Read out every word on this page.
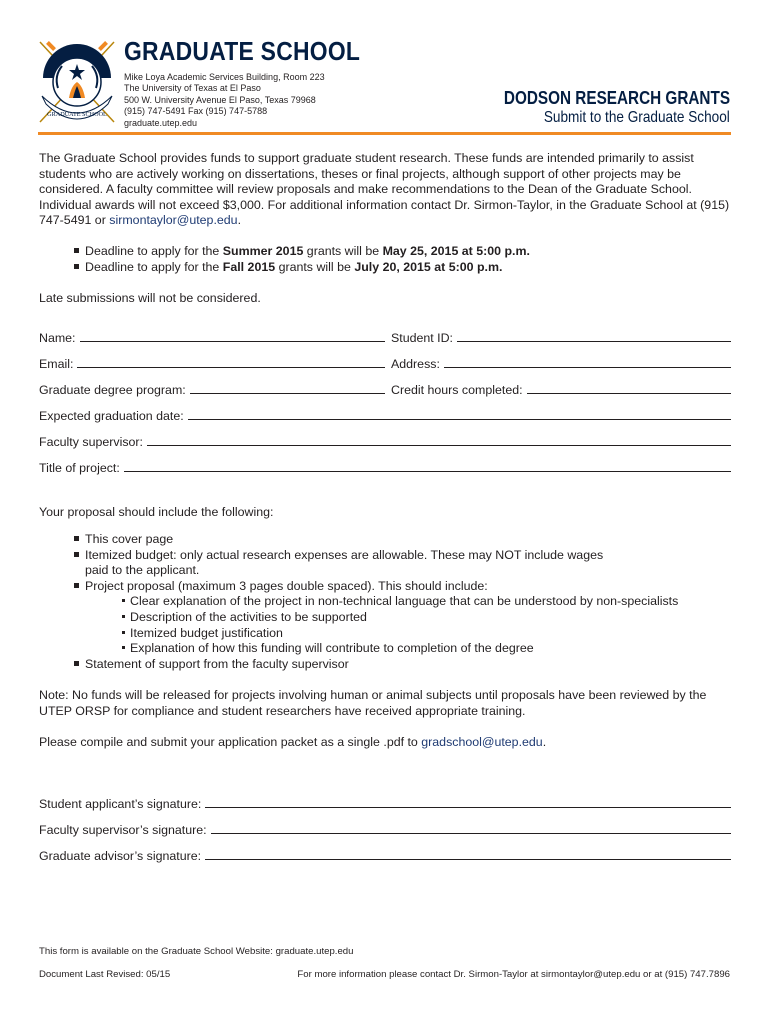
GRADUATE SCHOOL
GRADUATE SCHOOL
Mike Loya Academic Services Building, Room 223
The University of Texas at El Paso
500 W. University Avenue El Paso, Texas 79968
(915) 747-5491 Fax (915) 747-5788
graduate.utep.edu
DODSON RESEARCH GRANTS
Submit to the Graduate School
The Graduate School provides funds to support graduate student research. These funds are intended primarily to assist students who are actively working on dissertations, theses or final projects, although support of other projects may be considered. A faculty committee will review proposals and make recommendations to the Dean of the Graduate School. Individual awards will not exceed $3,000. For additional information contact Dr. Sirmon-Taylor, in the Graduate School at (915) 747-5491 or sirmontaylor@utep.edu.
Deadline to apply for the Summer 2015 grants will be May 25, 2015 at 5:00 p.m.
Deadline to apply for the Fall 2015 grants will be July 20, 2015 at 5:00 p.m.
Late submissions will not be considered.
Name:	Student ID:
Email:	Address:
Graduate degree program:	Credit hours completed:
Expected graduation date:
Faculty supervisor:
Title of project:
Your proposal should include the following:
This cover page
Itemized budget: only actual research expenses are allowable. These may NOT include wages
paid to the applicant.
Project proposal (maximum 3 pages double spaced). This should include:
Clear explanation of the project in non-technical language that can be understood by non-specialists
Description of the activities to be supported
Itemized budget justification
Explanation of how this funding will contribute to completion of the degree
Statement of support from the faculty supervisor
Note: No funds will be released for projects involving human or animal subjects until proposals have been reviewed by the UTEP ORSP for compliance and student researchers have received appropriate training.
Please compile and submit your application packet as a single .pdf to gradschool@utep.edu.
Student applicant’s signature:
Faculty supervisor’s signature:
Graduate advisor’s signature:
This form is available on the Graduate School Website: graduate.utep.edu
Document Last Revised: 05/15	For more information please contact Dr. Sirmon-Taylor at sirmontaylor@utep.edu or at (915) 747.7896
